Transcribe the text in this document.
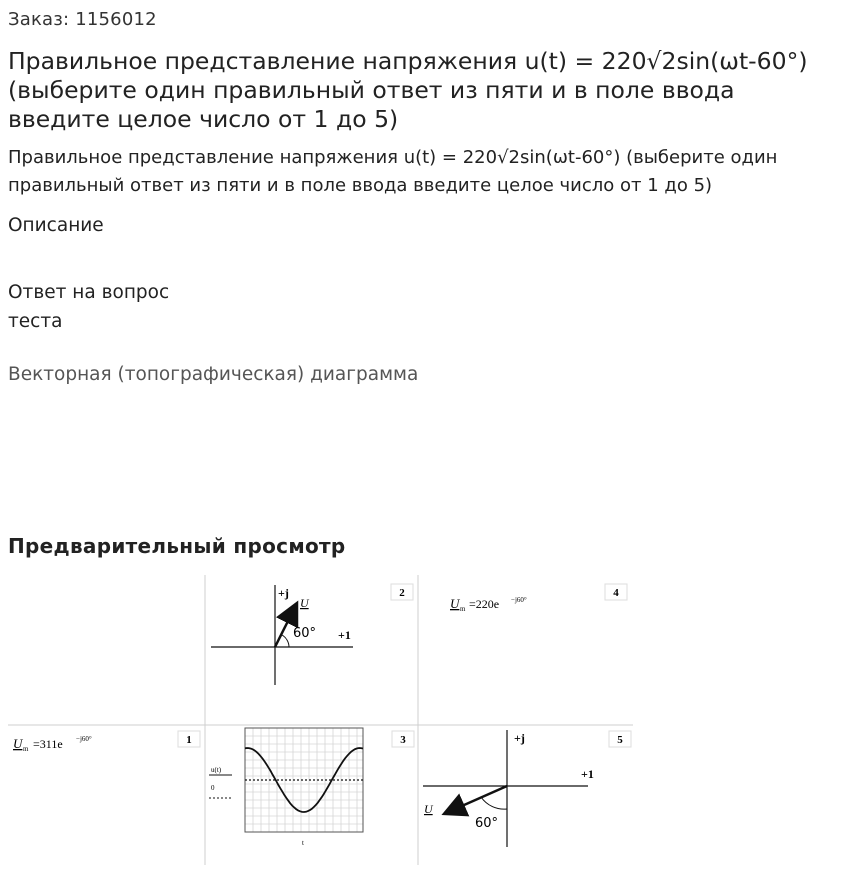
Заказ: 1156012
Правильное представление напряжения u(t) = 220√2sin(ωt-60°) (выберите один правильный ответ из пяти и в поле ввода введите целое число от 1 до 5)
Правильное представление напряжения u(t) = 220√2sin(ωt-60°) (выберите один правильный ответ из пяти и в поле ввода введите целое число от 1 до 5)
Описание
Ответ на вопрос теста
Векторная (топографическая) диаграмма
Предварительный просмотр
2
+j
+1
U
60°
4
U m =220e −j60°
1
U m =311e −j60°	3
u(t)
0
t
5
+j
+1
U
60°
